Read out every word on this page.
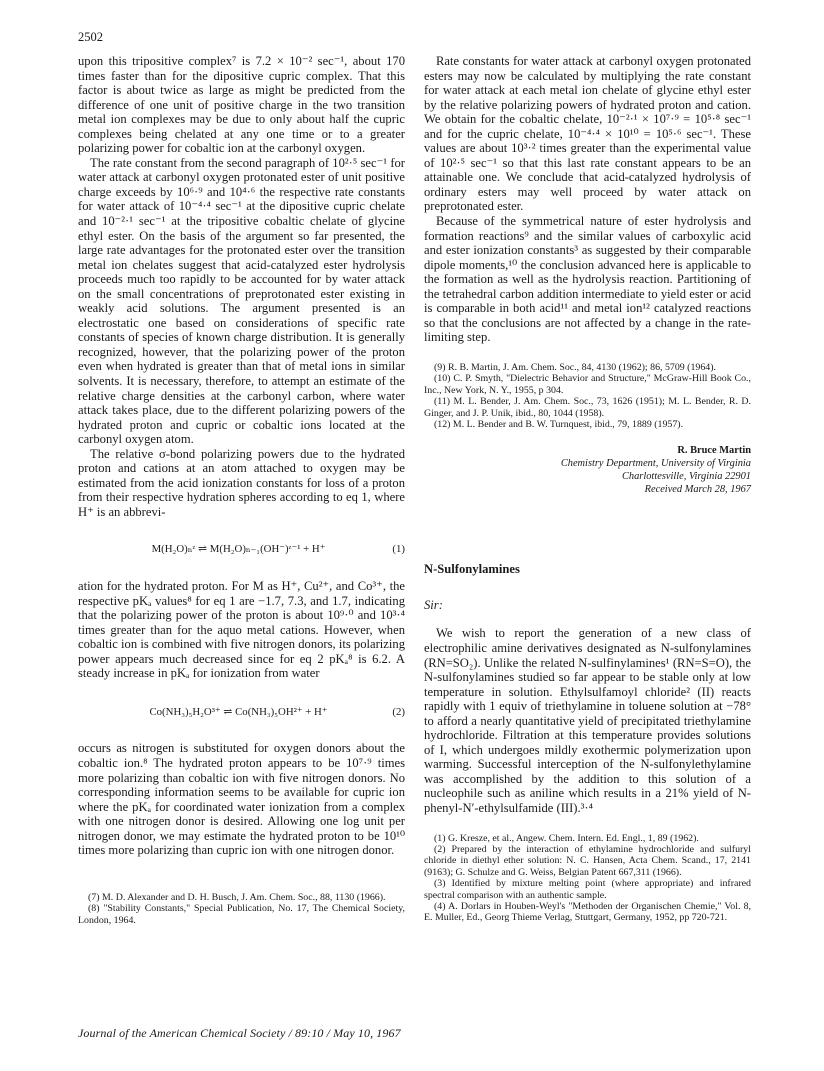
2502

upon this tripositive complex⁷ is 7.2 × 10⁻² sec⁻¹, about 170 times faster than for the dipositive cupric complex. That this factor is about twice as large as might be predicted from the difference of one unit of positive charge in the two transition metal ion complexes may be due to only about half the cupric complexes being chelated at any one time or to a greater polarizing power for cobaltic ion at the carbonyl oxygen.

The rate constant from the second paragraph of 10²·⁵ sec⁻¹ for water attack at carbonyl oxygen protonated ester of unit positive charge exceeds by 10⁶·⁹ and 10⁴·⁶ the respective rate constants for water attack of 10⁻⁴·⁴ sec⁻¹ at the dipositive cupric chelate and 10⁻²·¹ sec⁻¹ at the tripositive cobaltic chelate of glycine ethyl ester. On the basis of the argument so far presented, the large rate advantages for the protonated ester over the transition metal ion chelates suggest that acid-catalyzed ester hydrolysis proceeds much too rapidly to be accounted for by water attack on the small concentrations of preprotonated ester existing in weakly acid solutions. The argument presented is an electrostatic one based on considerations of specific rate constants of species of known charge distribution. It is generally recognized, however, that the polarizing power of the proton even when hydrated is greater than that of metal ions in similar solvents. It is necessary, therefore, to attempt an estimate of the relative charge densities at the carbonyl carbon, where water attack takes place, due to the different polarizing powers of the hydrated proton and cupric or cobaltic ions located at the carbonyl oxygen atom.

The relative σ-bond polarizing powers due to the hydrated proton and cations at an atom attached to oxygen may be estimated from the acid ionization constants for loss of a proton from their respective hydration spheres according to eq 1, where H⁺ is an abbrevi-

M(H₂O)ₙᶻ ⇌ M(H₂O)ₙ₋₁(OH⁻)ᶻ⁻¹ + H⁺	(1)

ation for the hydrated proton. For M as H⁺, Cu²⁺, and Co³⁺, the respective pKₐ values⁸ for eq 1 are −1.7, 7.3, and 1.7, indicating that the polarizing power of the proton is about 10⁹·⁰ and 10³·⁴ times greater than for the aquo metal cations. However, when cobaltic ion is combined with five nitrogen donors, its polarizing power appears much decreased since for eq 2 pKₐ⁸ is 6.2. A steady increase in pKₐ for ionization from water

Co(NH₃)₅H₂O³⁺ ⇌ Co(NH₃)₅OH²⁺ + H⁺	(2)

occurs as nitrogen is substituted for oxygen donors about the cobaltic ion.⁸ The hydrated proton appears to be 10⁷·⁹ times more polarizing than cobaltic ion with five nitrogen donors. No corresponding information seems to be available for cupric ion where the pKₐ for coordinated water ionization from a complex with one nitrogen donor is desired. Allowing one log unit per nitrogen donor, we may estimate the hydrated proton to be 10¹⁰ times more polarizing than cupric ion with one nitrogen donor.

(7) M. D. Alexander and D. H. Busch, J. Am. Chem. Soc., 88, 1130 (1966).

(8) "Stability Constants," Special Publication, No. 17, The Chemical Society, London, 1964.

Rate constants for water attack at carbonyl oxygen protonated esters may now be calculated by multiplying the rate constant for water attack at each metal ion chelate of glycine ethyl ester by the relative polarizing powers of hydrated proton and cation. We obtain for the cobaltic chelate, 10⁻²·¹ × 10⁷·⁹ = 10⁵·⁸ sec⁻¹ and for the cupric chelate, 10⁻⁴·⁴ × 10¹⁰ = 10⁵·⁶ sec⁻¹. These values are about 10³·² times greater than the experimental value of 10²·⁵ sec⁻¹ so that this last rate constant appears to be an attainable one. We conclude that acid-catalyzed hydrolysis of ordinary esters may well proceed by water attack on preprotonated ester.

Because of the symmetrical nature of ester hydrolysis and formation reactions⁹ and the similar values of carboxylic acid and ester ionization constants³ as suggested by their comparable dipole moments,¹⁰ the conclusion advanced here is applicable to the formation as well as the hydrolysis reaction. Partitioning of the tetrahedral carbon addition intermediate to yield ester or acid is comparable in both acid¹¹ and metal ion¹² catalyzed reactions so that the conclusions are not affected by a change in the rate-limiting step.

(9) R. B. Martin, J. Am. Chem. Soc., 84, 4130 (1962); 86, 5709 (1964).

(10) C. P. Smyth, "Dielectric Behavior and Structure," McGraw-Hill Book Co., Inc., New York, N. Y., 1955, p 304.

(11) M. L. Bender, J. Am. Chem. Soc., 73, 1626 (1951); M. L. Bender, R. D. Ginger, and J. P. Unik, ibid., 80, 1044 (1958).

(12) M. L. Bender and B. W. Turnquest, ibid., 79, 1889 (1957).

R. Bruce Martin
Chemistry Department, University of Virginia
Charlottesville, Virginia 22901
Received March 28, 1967
N-Sulfonylamines
Sir:

We wish to report the generation of a new class of electrophilic amine derivatives designated as N-sulfonylamines (RN=SO₂). Unlike the related N-sulfinylamines¹ (RN=S=O), the N-sulfonylamines studied so far appear to be stable only at low temperature in solution. Ethylsulfamoyl chloride² (II) reacts rapidly with 1 equiv of triethylamine in toluene solution at −78° to afford a nearly quantitative yield of precipitated triethylamine hydrochloride. Filtration at this temperature provides solutions of I, which undergoes mildly exothermic polymerization upon warming. Successful interception of the N-sulfonylethylamine was accomplished by the addition to this solution of a nucleophile such as aniline which results in a 21% yield of N-phenyl-N′-ethylsulfamide (III).³·⁴

(1) G. Kresze, et al., Angew. Chem. Intern. Ed. Engl., 1, 89 (1962).

(2) Prepared by the interaction of ethylamine hydrochloride and sulfuryl chloride in diethyl ether solution: N. C. Hansen, Acta Chem. Scand., 17, 2141 (9163); G. Schulze and G. Weiss, Belgian Patent 667,311 (1966).

(3) Identified by mixture melting point (where appropriate) and infrared spectral comparison with an authentic sample.

(4) A. Dorlars in Houben-Weyl's "Methoden der Organischen Chemie," Vol. 8, E. Muller, Ed., Georg Thieme Verlag, Stuttgart, Germany, 1952, pp 720-721.

Journal of the American Chemical Society / 89:10 / May 10, 1967
